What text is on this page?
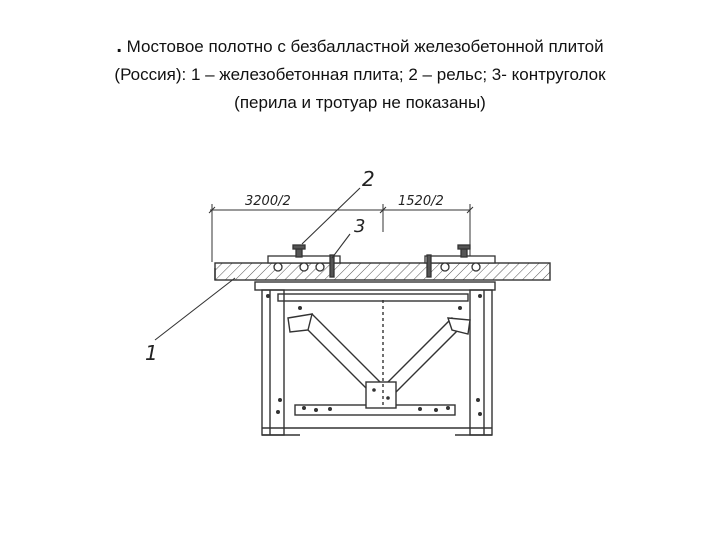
. Мостовое полотно с безбалластной железобетонной плитой
(Россия): 1 – железобетонная плита; 2 – рельс; 3- контруголок
(перила и тротуар не показаны)
3200/2	1520/2
1
2
3
